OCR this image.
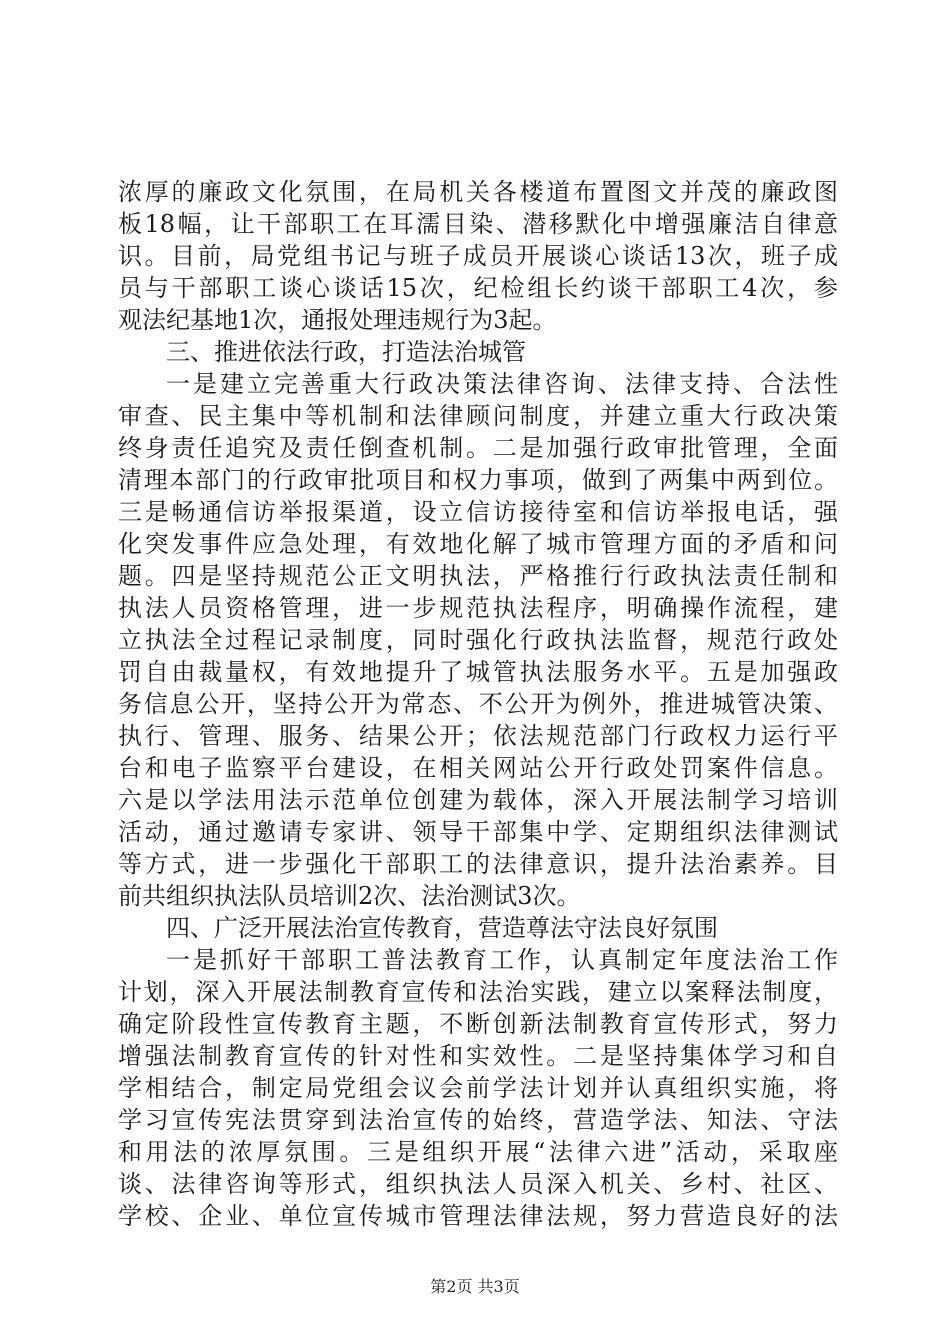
浓厚的廉政文化氛围，在局机关各楼道布置图文并茂的廉政图
板18幅，让干部职工在耳濡目染、潜移默化中增强廉洁自律意
识。目前，局党组书记与班子成员开展谈心谈话13次，班子成
员与干部职工谈心谈话15次，纪检组长约谈干部职工4次，参
观法纪基地1次，通报处理违规行为3起。
三、推进依法行政，打造法治城管
一是建立完善重大行政决策法律咨询、法律支持、合法性
审查、民主集中等机制和法律顾问制度，并建立重大行政决策
终身责任追究及责任倒查机制。二是加强行政审批管理，全面
清理本部门的行政审批项目和权力事项，做到了两集中两到位。
三是畅通信访举报渠道，设立信访接待室和信访举报电话，强
化突发事件应急处理，有效地化解了城市管理方面的矛盾和问
题。四是坚持规范公正文明执法，严格推行行政执法责任制和
执法人员资格管理，进一步规范执法程序，明确操作流程，建
立执法全过程记录制度，同时强化行政执法监督，规范行政处
罚自由裁量权，有效地提升了城管执法服务水平。五是加强政
务信息公开，坚持公开为常态、不公开为例外，推进城管决策、
执行、管理、服务、结果公开；依法规范部门行政权力运行平
台和电子监察平台建设，在相关网站公开行政处罚案件信息。
六是以学法用法示范单位创建为载体，深入开展法制学习培训
活动，通过邀请专家讲、领导干部集中学、定期组织法律测试
等方式，进一步强化干部职工的法律意识，提升法治素养。目
前共组织执法队员培训2次、法治测试3次。
四、广泛开展法治宣传教育，营造尊法守法良好氛围
一是抓好干部职工普法教育工作，认真制定年度法治工作
计划，深入开展法制教育宣传和法治实践，建立以案释法制度，
确定阶段性宣传教育主题，不断创新法制教育宣传形式，努力
增强法制教育宣传的针对性和实效性。二是坚持集体学习和自
学相结合，制定局党组会议会前学法计划并认真组织实施，将
学习宣传宪法贯穿到法治宣传的始终，营造学法、知法、守法
和用法的浓厚氛围。三是组织开展“法律六进”活动，采取座
谈、法律咨询等形式，组织执法人员深入机关、乡村、社区、
学校、企业、单位宣传城市管理法律法规，努力营造良好的法
第2页 共3页
